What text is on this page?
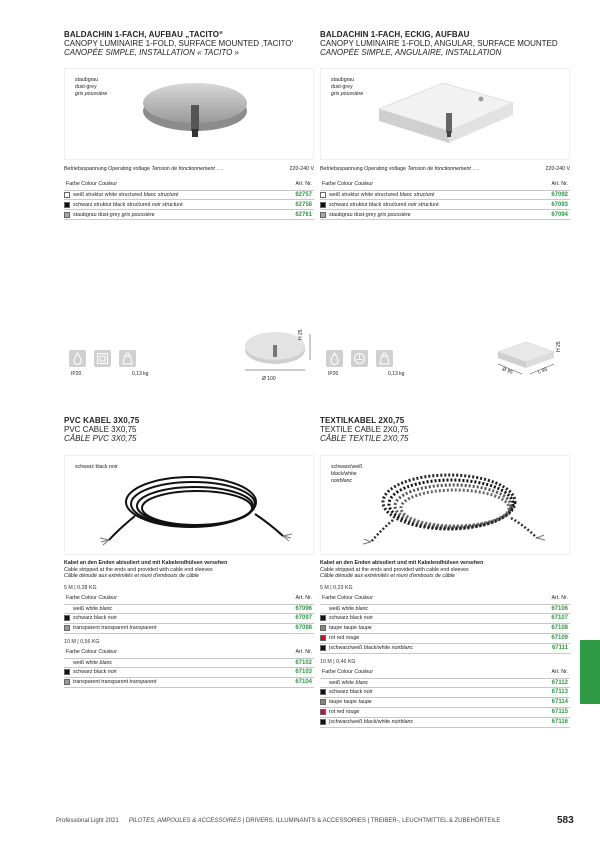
BALDACHIN 1-FACH, AUFBAU „TACITO“
CANOPY LUMINAIRE 1-FOLD, SURFACE MOUNTED ‚TACITO‘
CANOPÉE SIMPLE, INSTALLATION « TACITO »
staubgrau
dust-grey
gris poussière
Betriebsspannung Operating voltage Tension de fonctionnement . . .	220-240 V
Farbe Colour Couleur	Art. Nr.
weiß struktur white structured blanc structuré	62757
schwarz struktur black structured noir structuré	62758
staubgrau dust-grey gris poussière	62761
BALDACHIN 1-FACH, ECKIG, AUFBAU
CANOPY LUMINAIRE 1-FOLD, ANGULAR, SURFACE MOUNTED
CANOPÉE SIMPLE, ANGULAIRE, INSTALLATION
staubgrau
dust-grey
gris poussière
Betriebsspannung Operating voltage Tension de fonctionnement . . .	220-240 V
Farbe Colour Couleur	Art. Nr.
weiß struktur white structured blanc structuré	67092
schwarz struktur black structured noir structuré	67093
staubgrau dust-grey gris poussière	67094
IP20	0,13 kg
H 25
Ø 100
IP20	0,13 kg
H 25
Ø 95	L 95
PVC KABEL 3X0,75
PVC CABLE 3X0,75
CÂBLE PVC 3X0,75
schwarz black noir
Kabel an den Enden abisoliert und mit Kabelendhülsen versehen
Cable stripped at the ends and provided with cable end sleeves
Câble dénudé aux extrémités et muni d'embouts de câble
5 M | 0,28 KG
Farbe Colour Couleur	Art. Nr.
weiß white blanc	67096
schwarz black noir	67097
transparent transparent transparent	67098
10 M | 0,56 KG
Farbe Colour Couleur	Art. Nr.
weiß white blanc	67102
schwarz black noir	67103
transparent transparent transparent	67104
TEXTILKABEL 2X0,75
TEXTILE CABLE 2X0,75
CÂBLE TEXTILE 2X0,75
schwarz/weiß
black/white
noirblanc
Kabel an den Enden abisoliert und mit Kabelendhülsen versehen
Cable stripped at the ends and provided with cable end sleeves
Câble dénudé aux extrémités et muni d'embouts de câble
5 M | 0,23 KG
Farbe Colour Couleur	Art. Nr.
weiß white blanc	67106
schwarz black noir	67107
taupe taupe taupe	67108
rot red rouge	67109
|schwarz/weiß black/white noirblanc	67111
10 M | 0,46 KG
Farbe Colour Couleur	Art. Nr.
weiß white blanc	67112
schwarz black noir	67113
taupe taupe taupe	67114
rot red rouge	67115
|schwarz/weiß black/white noirblanc	67116
Professional Light 2021 PILOTES, AMPOULES & ACCESSOIRES | DRIVERS, ILLUMINANTS & ACCESSORIES | TREIBER-, LEUCHTMITTEL & ZUBEHÖRTEILE	583
